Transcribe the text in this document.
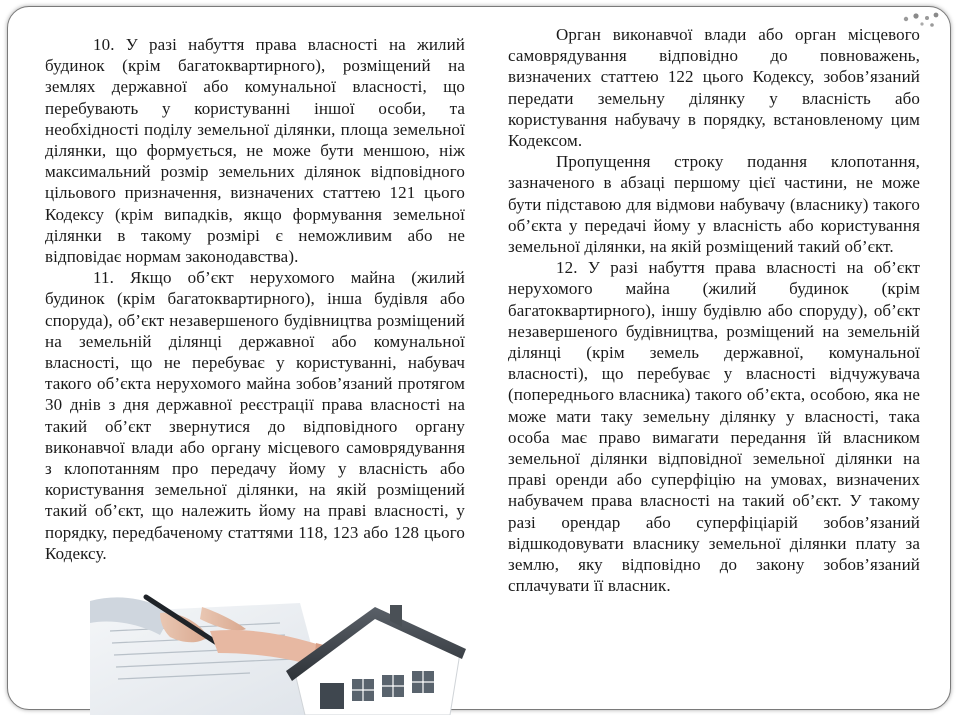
10. У разі набуття права власності на жилий будинок (крім багатоквартирного), розміщений на землях державної або комунальної власності, що перебувають у користуванні іншої особи, та необхідності поділу земельної ділянки, площа земельної ділянки, що формується, не може бути меншою, ніж максимальний розмір земельних ділянок відповідного цільового призначення, визначених статтею 121 цього Кодексу (крім випадків, якщо формування земельної ділянки в такому розмірі є неможливим або не відповідає нормам законодавства).

11. Якщо об’єкт нерухомого майна (жилий будинок (крім багатоквартирного), інша будівля або споруда), об’єкт незавершеного будівництва розміщений на земельній ділянці державної або комунальної власності, що не перебуває у користуванні, набувач такого об’єкта нерухомого майна зобов’язаний протягом 30 днів з дня державної реєстрації права власності на такий об’єкт звернутися до відповідного органу виконавчої влади або органу місцевого самоврядування з клопотанням про передачу йому у власність або користування земельної ділянки, на якій розміщений такий об’єкт, що належить йому на праві власності, у порядку, передбаченому статтями 118, 123 або 128 цього Кодексу.

Орган виконавчої влади або орган місцевого самоврядування відповідно до повноважень, визначених статтею 122 цього Кодексу, зобов’язаний передати земельну ділянку у власність або користування набувачу в порядку, встановленому цим Кодексом.

Пропущення строку подання клопотання, зазначеного в абзаці першому цієї частини, не може бути підставою для відмови набувачу (власнику) такого об’єкта у передачі йому у власність або користування земельної ділянки, на якій розміщений такий об’єкт.

12. У разі набуття права власності на об’єкт нерухомого майна (жилий будинок (крім багатоквартирного), іншу будівлю або споруду), об’єкт незавершеного будівництва, розміщений на земельній ділянці (крім земель державної, комунальної власності), що перебуває у власності відчужувача (попереднього власника) такого об’єкта, особою, яка не може мати таку земельну ділянку у власності, така особа має право вимагати передання їй власником земельної ділянки відповідної земельної ділянки на праві оренди або суперфіцію на умовах, визначених набувачем права власності на такий об’єкт. У такому разі орендар або суперфіціарій зобов’язаний відшкодовувати власнику земельної ділянки плату за землю, яку відповідно до закону зобов’язаний сплачувати її власник.
